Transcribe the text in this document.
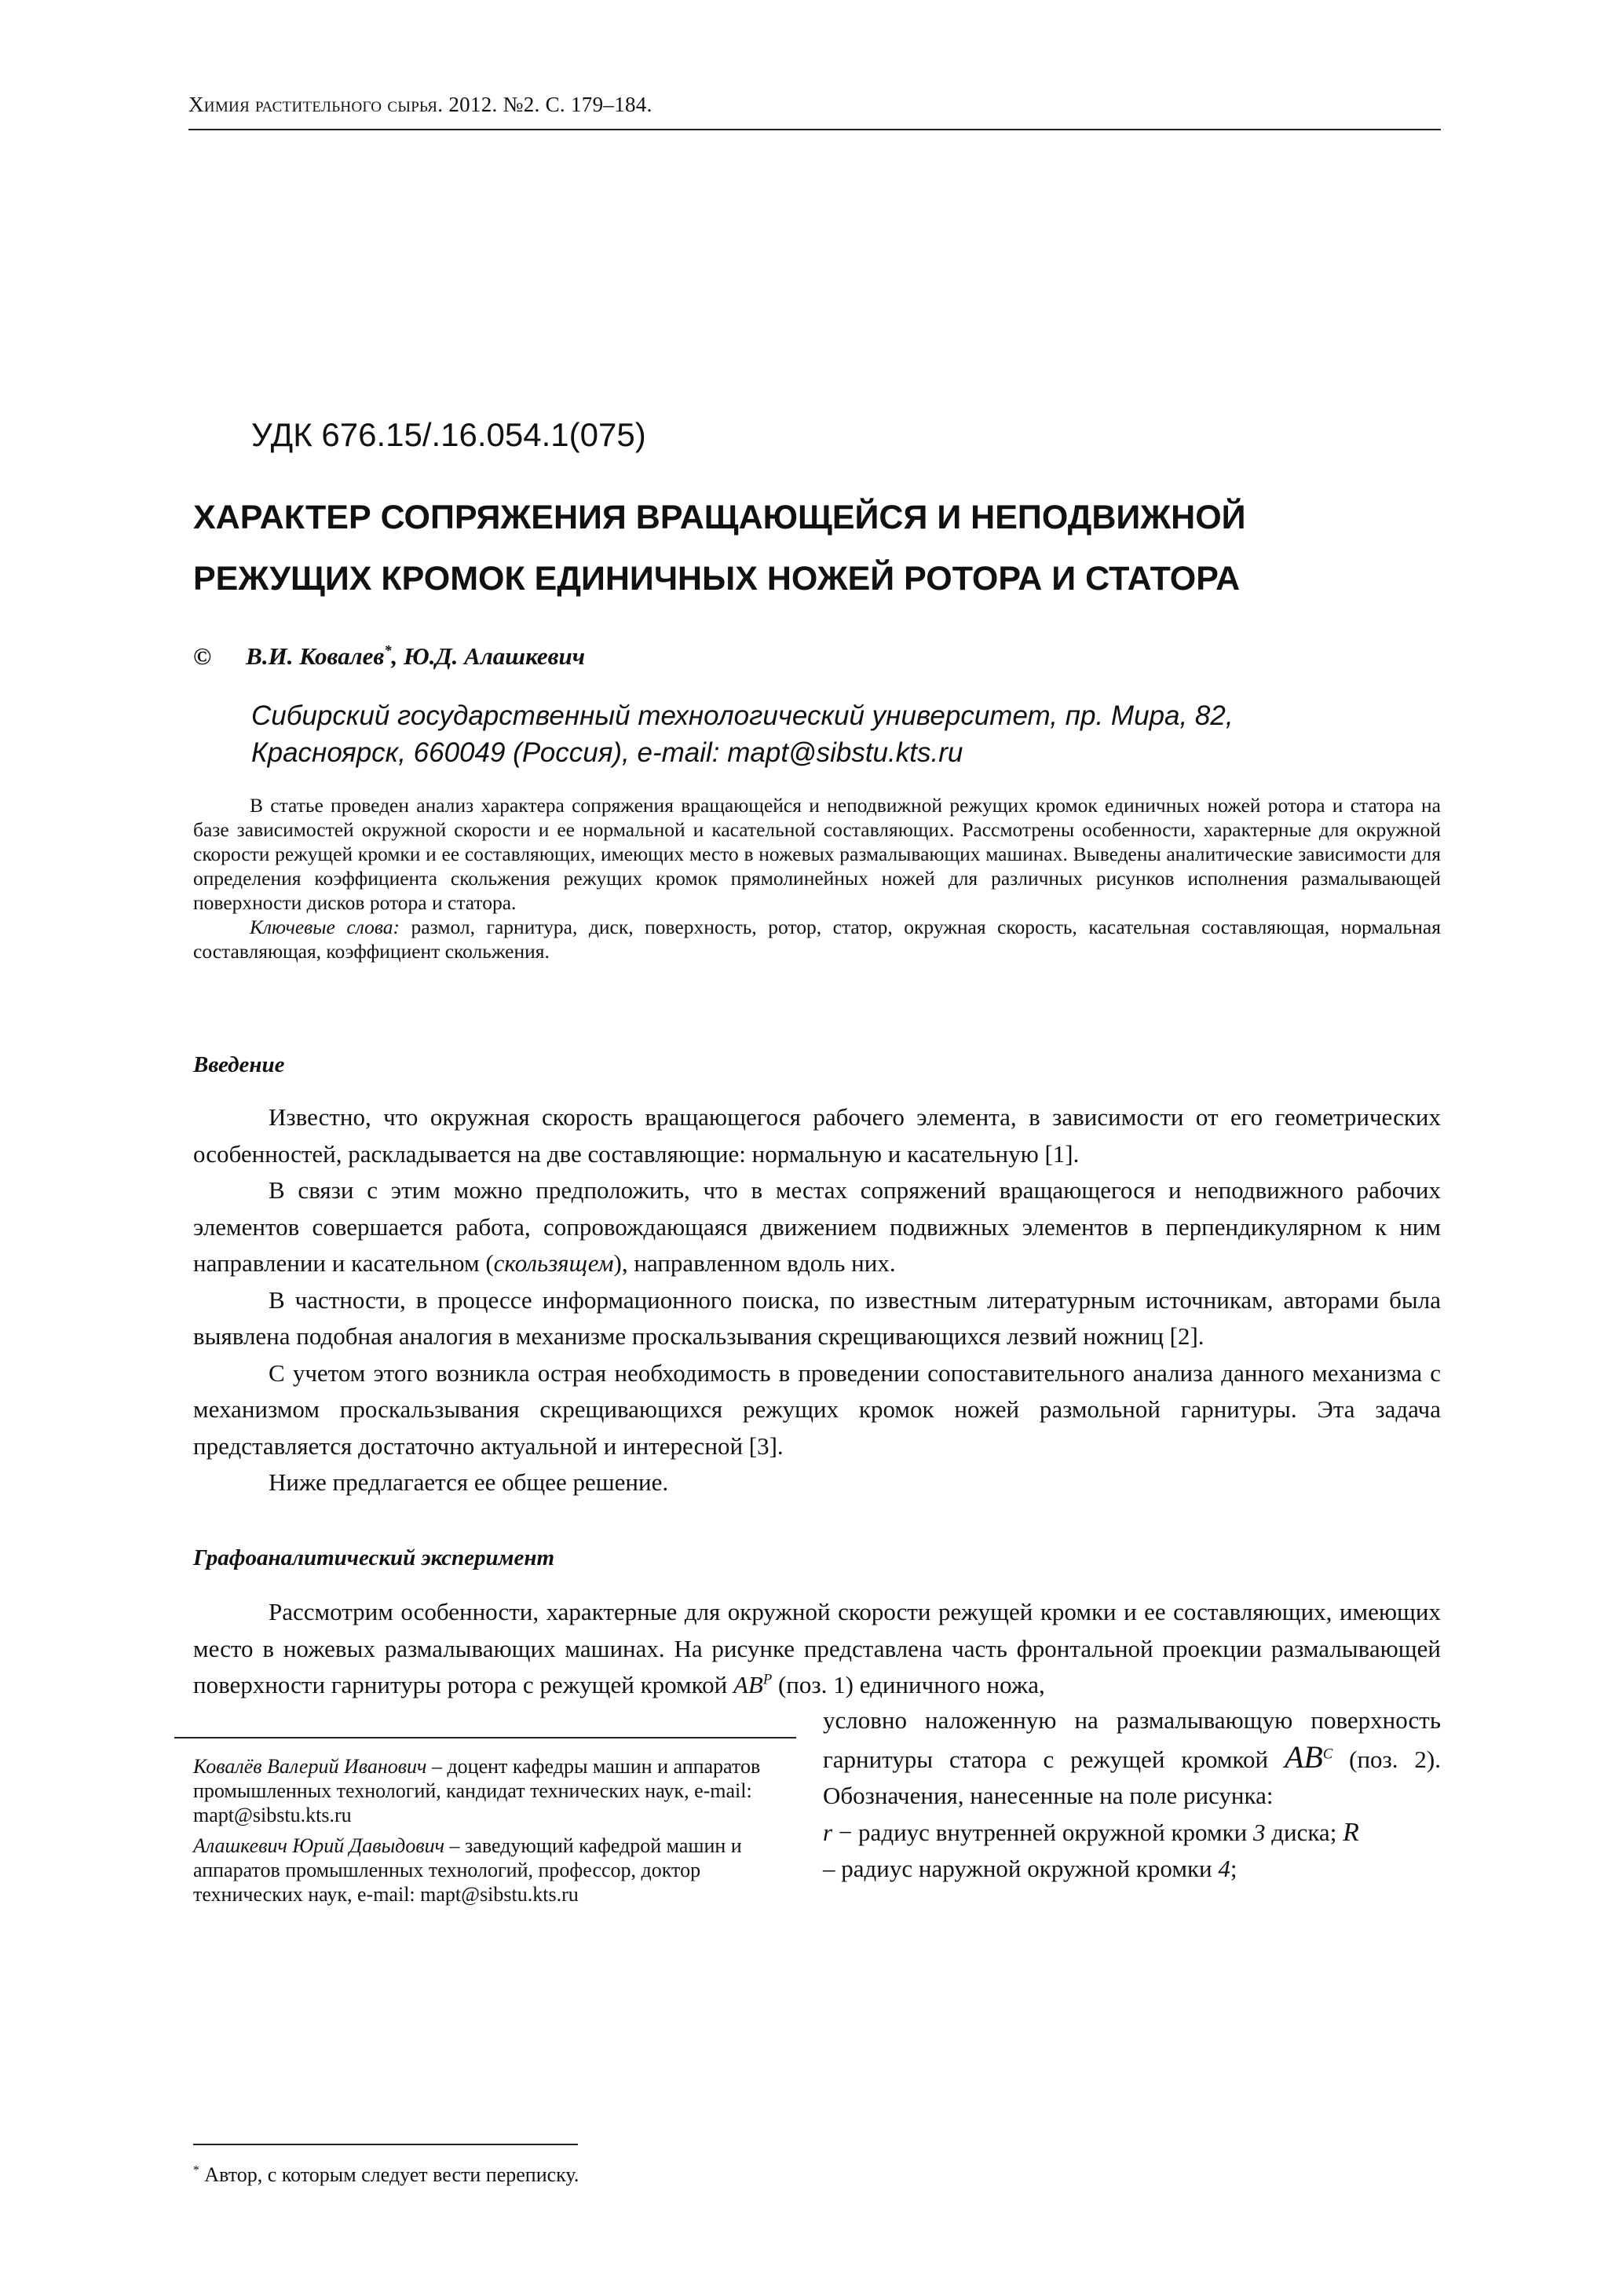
Химия растительного сырья. 2012. №2. С. 179–184.
УДК 676.15/.16.054.1(075)
ХАРАКТЕР СОПРЯЖЕНИЯ ВРАЩАЮЩЕЙСЯ И НЕПОДВИЖНОЙ
РЕЖУЩИХ КРОМОК ЕДИНИЧНЫХ НОЖЕЙ РОТОРА И СТАТОРА
© В.И. Ковалев*, Ю.Д. Алашкевич
Сибирский государственный технологический университет, пр. Мира, 82,
Красноярск, 660049 (Россия), e-mail: mapt@sibstu.kts.ru

В статье проведен анализ характера сопряжения вращающейся и неподвижной режущих кромок единичных ножей ротора и статора на базе зависимостей окружной скорости и ее нормальной и касательной составляющих. Рассмотрены особенности, характерные для окружной скорости режущей кромки и ее составляющих, имеющих место в ножевых размалывающих машинах. Выведены аналитические зависимости для определения коэффициента скольжения режущих кромок прямолинейных ножей для различных рисунков исполнения размалывающей поверхности дисков ротора и статора.

Ключевые слова: размол, гарнитура, диск, поверхность, ротор, статор, окружная скорость, касательная составляющая, нормальная составляющая, коэффициент скольжения.

Введение

Известно, что окружная скорость вращающегося рабочего элемента, в зависимости от его геометрических особенностей, раскладывается на две составляющие: нормальную и касательную [1].

В связи с этим можно предположить, что в местах сопряжений вращающегося и неподвижного рабочих элементов совершается работа, сопровождающаяся движением подвижных элементов в перпендикулярном к ним направлении и касательном (скользящем), направленном вдоль них.

В частности, в процессе информационного поиска, по известным литературным источникам, авторами была выявлена подобная аналогия в механизме проскальзывания скрещивающихся лезвий ножниц [2].

С учетом этого возникла острая необходимость в проведении сопоставительного анализа данного механизма с механизмом проскальзывания скрещивающихся режущих кромок ножей размольной гарнитуры. Эта задача представляется достаточно актуальной и интересной [3].

Ниже предлагается ее общее решение.

Графоаналитический эксперимент

Рассмотрим особенности, характерные для окружной скорости режущей кромки и ее составляющих, имеющих место в ножевых размалывающих машинах. На рисунке представлена часть фронтальной проекции размалывающей поверхности гарнитуры ротора с режущей кромкой $AB^P$ (поз. 1) единичного ножа,

условно наложенную на размалывающую поверхность гарнитуры статора с режущей кромкой $AB^C$ (поз. 2). Обозначения, нанесенные на поле рисунка:

r − радиус внутренней окружной кромки 3 диска; R
– радиус наружной окружной кромки 4;

Ковалёв Валерий Иванович – доцент кафедры машин и аппаратов промышленных технологий, кандидат технических наук, e-mail: mapt@sibstu.kts.ru

Алашкевич Юрий Давыдович – заведующий кафедрой машин и аппаратов промышленных технологий, профессор, доктор технических наук, e-mail: mapt@sibstu.kts.ru

* Автор, с которым следует вести переписку.
